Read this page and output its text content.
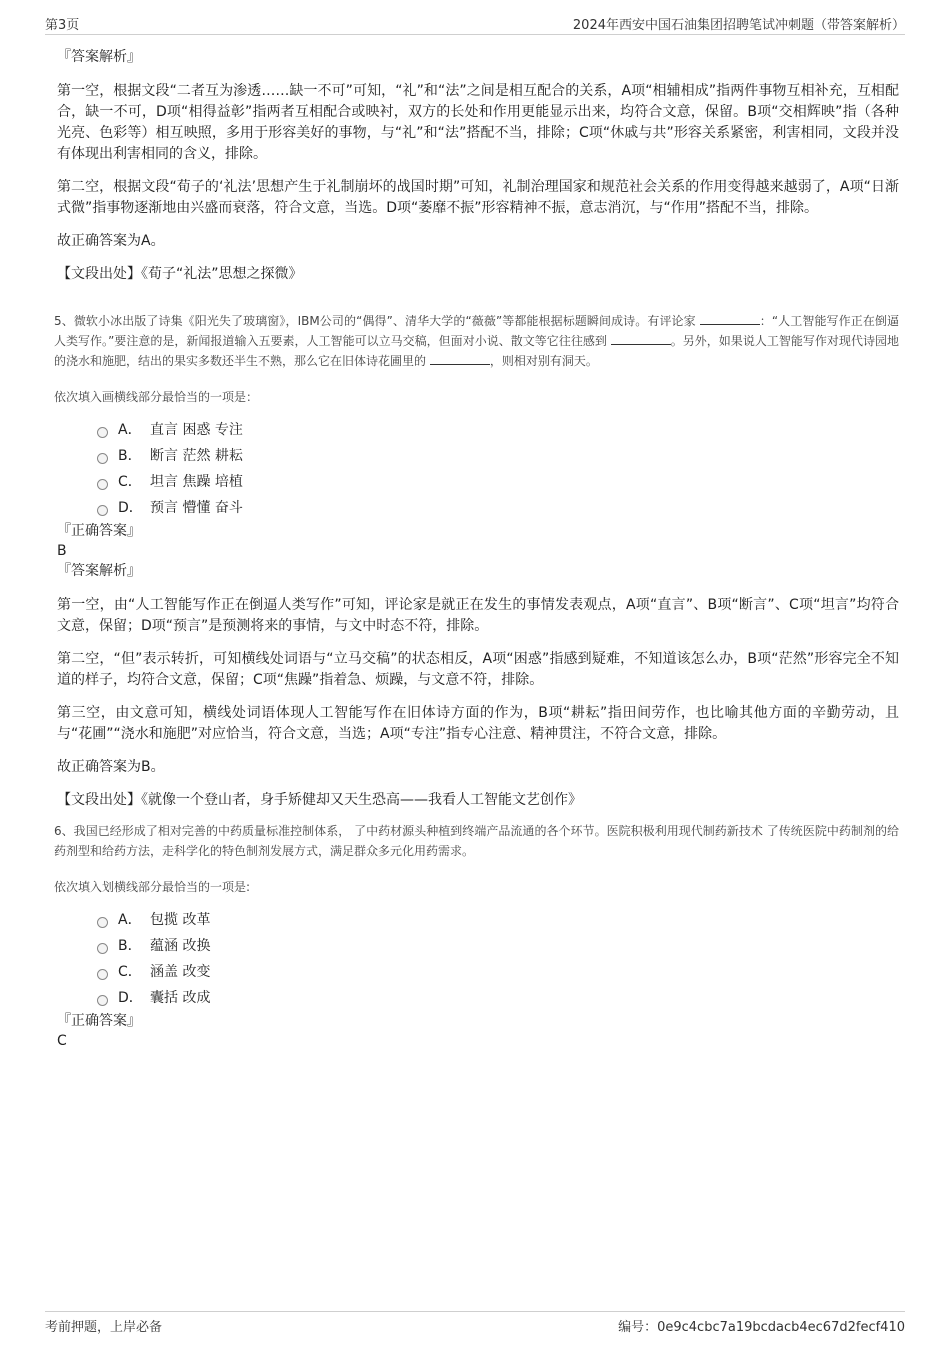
第3页	2024年西安中国石油集团招聘笔试冲刺题（带答案解析）
『答案解析』

第一空，根据文段“二者互为渗透……缺一不可”可知，“礼”和“法”之间是相互配合的关系，A项“相辅相成”指两件事物互相补充，互相配合，缺一不可，D项“相得益彰”指两者互相配合或映衬，双方的长处和作用更能显示出来，均符合文意，保留。B项“交相辉映”指（各种光亮、色彩等）相互映照，多用于形容美好的事物，与“礼”和“法”搭配不当，排除；C项“休戚与共”形容关系紧密，利害相同，文段并没有体现出利害相同的含义，排除。

第二空，根据文段“荀子的‘礼法’思想产生于礼制崩坏的战国时期”可知，礼制治理国家和规范社会关系的作用变得越来越弱了，A项“日渐式微”指事物逐渐地由兴盛而衰落，符合文意，当选。D项“萎靡不振”形容精神不振，意志消沉，与“作用”搭配不当，排除。

故正确答案为A。

【文段出处】《荀子“礼法”思想之探微》

5、微软小冰出版了诗集《阳光失了玻璃窗》，IBM公司的“偶得”、清华大学的“薇薇”等都能根据标题瞬间成诗。有评论家	：“人工智能写作正在倒逼人类写作。”要注意的是，新闻报道输入五要素，人工智能可以立马交稿，但面对小说、散文等它往往感到	。另外，如果说人工智能写作对现代诗园地的浇水和施肥，结出的果实多数还半生不熟，那么它在旧体诗花圃里的	，则相对别有洞天。

依次填入画横线部分最恰当的一项是：

A． 直言 困惑 专注
B． 断言 茫然 耕耘
C． 坦言 焦躁 培植
D． 预言 懵懂 奋斗
『正确答案』
B
『答案解析』

第一空，由“人工智能写作正在倒逼人类写作”可知，评论家是就正在发生的事情发表观点，A项“直言”、B项“断言”、C项“坦言”均符合文意，保留；D项“预言”是预测将来的事情，与文中时态不符，排除。

第二空，“但”表示转折，可知横线处词语与“立马交稿”的状态相反，A项“困惑”指感到疑难，不知道该怎么办，B项“茫然”形容完全不知道的样子，均符合文意，保留；C项“焦躁”指着急、烦躁，与文意不符，排除。

第三空，由文意可知，横线处词语体现人工智能写作在旧体诗方面的作为，B项“耕耘”指田间劳作，也比喻其他方面的辛勤劳动，且与“花圃”“浇水和施肥”对应恰当，符合文意，当选；A项“专注”指专心注意、精神贯注，不符合文意，排除。

故正确答案为B。

【文段出处】《就像一个登山者，身手矫健却又天生恐高——我看人工智能文艺创作》

6、我国已经形成了相对完善的中药质量标准控制体系， 了中药材源头种植到终端产品流通的各个环节。医院积极利用现代制药新技术 了传统医院中药制剂的给药剂型和给药方法，走科学化的特色制剂发展方式，满足群众多元化用药需求。

依次填入划横线部分最恰当的一项是:

A． 包揽 改革
B． 蕴涵 改换
C． 涵盖 改变
D． 囊括 改成
『正确答案』
C
考前押题，上岸必备	编号：0e9c4cbc7a19bcdacb4ec67d2fecf410
